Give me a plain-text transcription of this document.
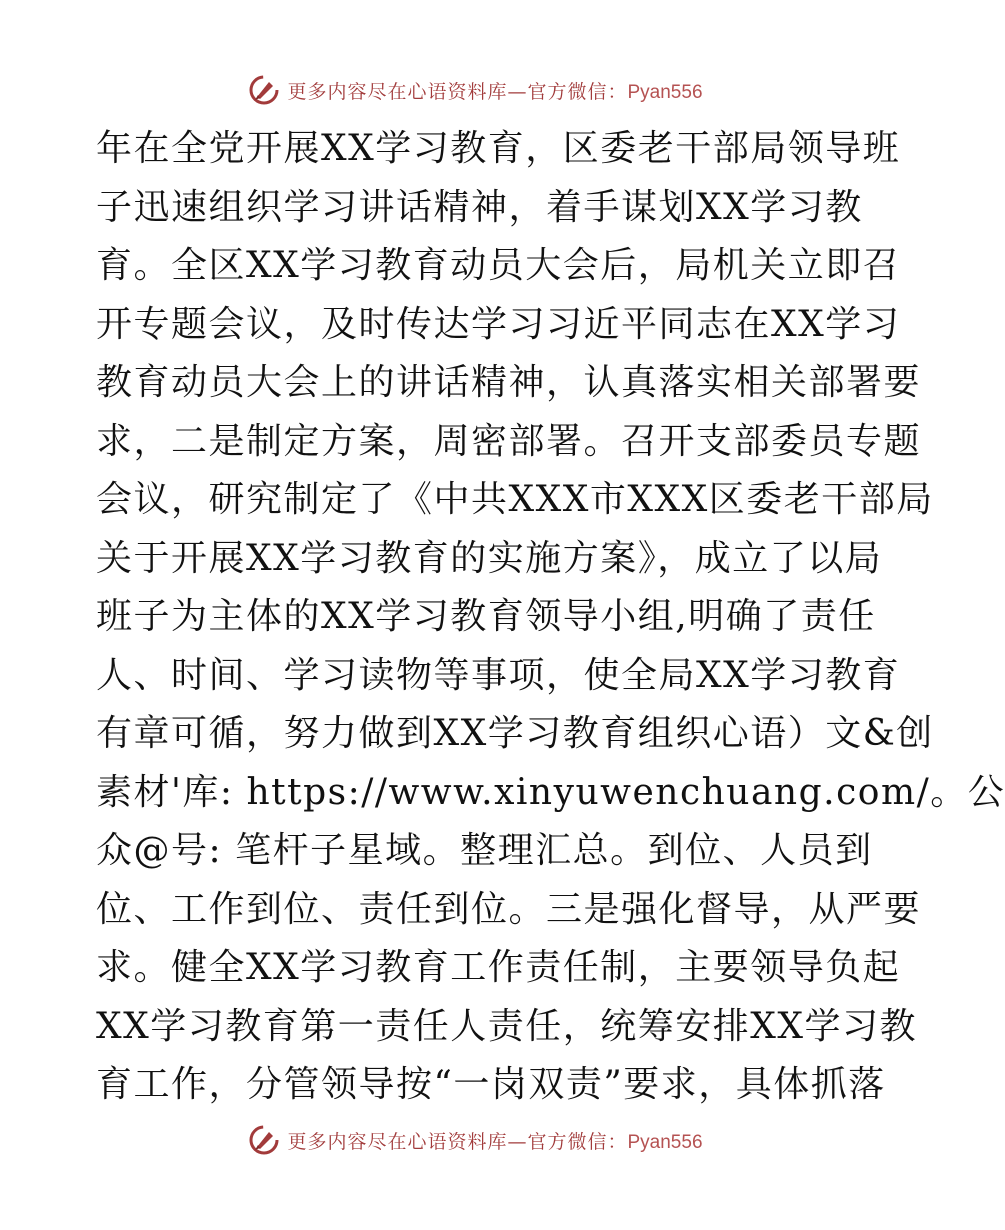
更多内容尽在心语资料库—官方微信：Pyan556
年在全党开展XX学习教育，区委老干部局领导班
子迅速组织学习讲话精神，着手谋划XX学习教
育。全区XX学习教育动员大会后，局机关立即召
开专题会议，及时传达学习习近平同志在XX学习
教育动员大会上的讲话精神，认真落实相关部署要
求，二是制定方案，周密部署。召开支部委员专题
会议，研究制定了《中共XXX市XXX区委老干部局
关于开展XX学习教育的实施方案》，成立了以局
班子为主体的XX学习教育领导小组,明确了责任
人、时间、学习读物等事项，使全局XX学习教育
有章可循，努力做到XX学习教育组织心语）文&创
素材'库: https://www.xinyuwenchuang.com/。公
众@号: 笔杆子星域。整理汇总。到位、人员到
位、工作到位、责任到位。三是强化督导，从严要
求。健全XX学习教育工作责任制，主要领导负起
XX学习教育第一责任人责任，统筹安排XX学习教
育工作，分管领导按“一岗双责”要求，具体抓落
更多内容尽在心语资料库—官方微信：Pyan556
